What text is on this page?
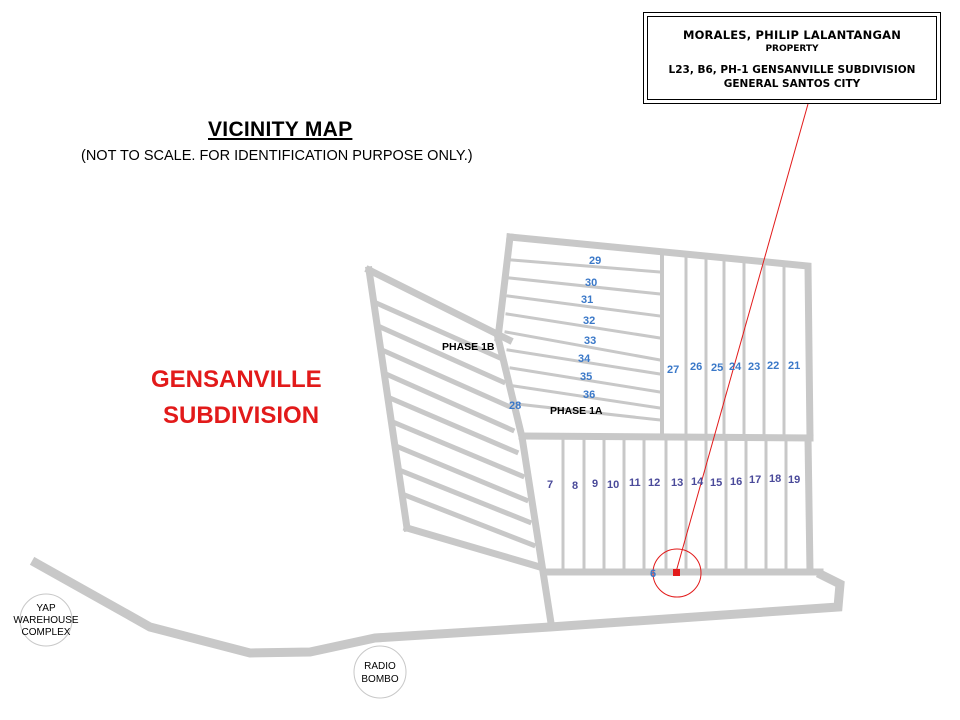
6
PHASE 1B
PHASE 1A
29
30
31
32
33
34
35
36
28
27 26 25 24 23 22 21
7 8 9 10 11 12 13 14 15 16 17 18 19
YAP
WAREHOUSE
COMPLEX
RADIO
BOMBO
VICINITY MAP
(NOT TO SCALE. FOR IDENTIFICATION PURPOSE ONLY.)
GENSANVILLE
SUBDIVISION
MORALES, PHILIP LALANTANGAN
PROPERTY
L23, B6, PH-1 GENSANVILLE SUBDIVISION
GENERAL SANTOS CITY
